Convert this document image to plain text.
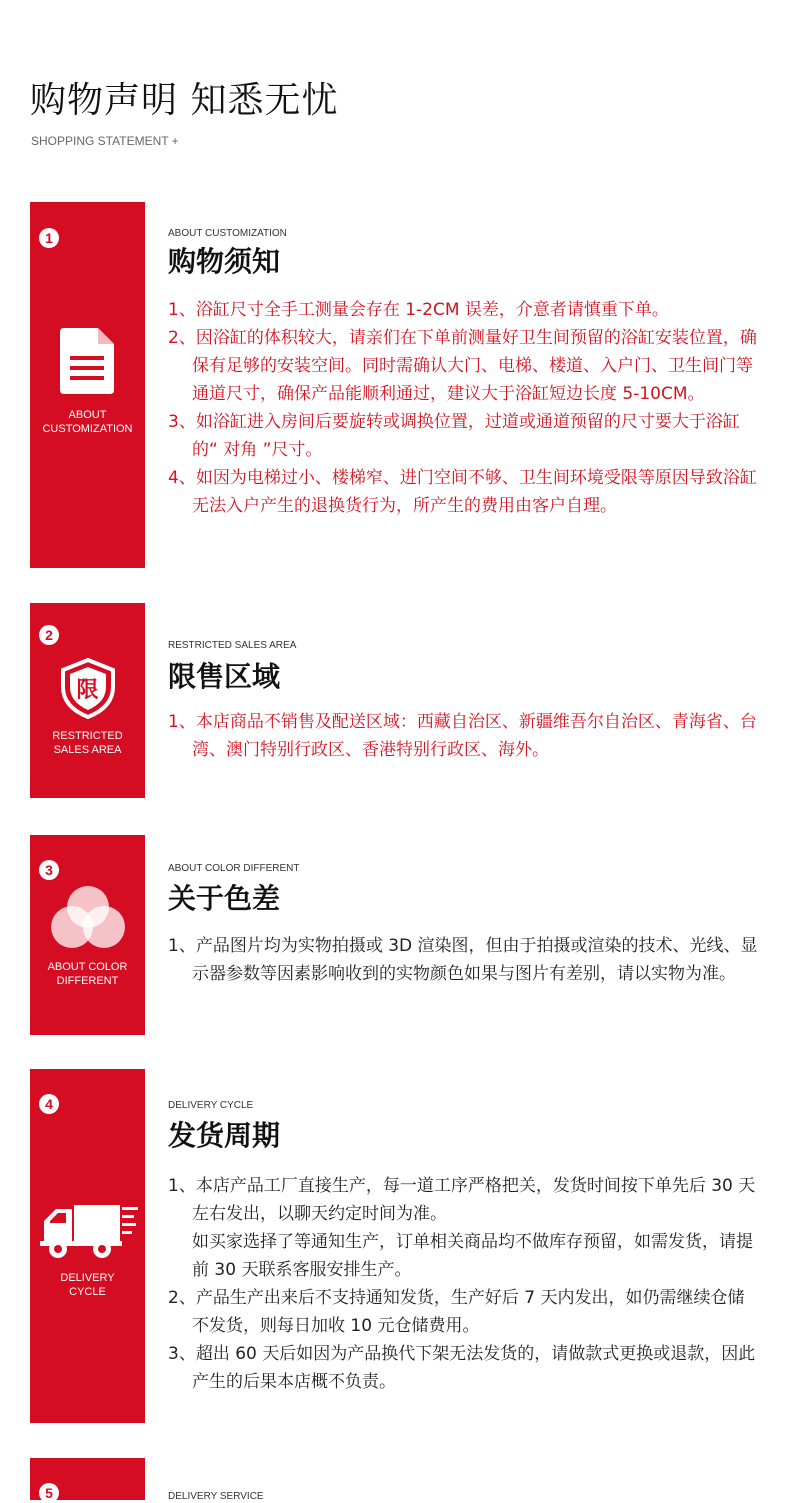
购物声明 知悉无忧
SHOPPING STATEMENT +
1
ABOUT
CUSTOMIZATION
ABOUT CUSTOMIZATION
购物须知
1、浴缸尺寸全手工测量会存在 1-2CM 误差，介意者请慎重下单。
2、因浴缸的体积较大，请亲们在下单前测量好卫生间预留的浴缸安装位置，确保有足够的安装空间。同时需确认大门、电梯、楼道、入户门、卫生间门等通道尺寸，确保产品能顺利通过，建议大于浴缸短边长度 5-10CM。
3、如浴缸进入房间后要旋转或调换位置，过道或通道预留的尺寸要大于浴缸的“ 对角 ”尺寸。
4、如因为电梯过小、楼梯窄、进门空间不够、卫生间环境受限等原因导致浴缸无法入户产生的退换货行为，所产生的费用由客户自理。
2
限
RESTRICTED
SALES AREA
RESTRICTED SALES AREA
限售区域
1、本店商品不销售及配送区域：西藏自治区、新疆维吾尔自治区、青海省、台湾、澳门特别行政区、香港特别行政区、海外。
3
ABOUT COLOR
DIFFERENT
ABOUT COLOR DIFFERENT
关于色差
1、产品图片均为实物拍摄或 3D 渲染图，但由于拍摄或渲染的技术、光线、显示器参数等因素影响收到的实物颜色如果与图片有差别，请以实物为准。
4
DELIVERY
CYCLE
DELIVERY CYCLE
发货周期
1、本店产品工厂直接生产，每一道工序严格把关，发货时间按下单先后 30 天左右发出，以聊天约定时间为准。
如买家选择了等通知生产，订单相关商品均不做库存预留，如需发货，请提前 30 天联系客服安排生产。
2、产品生产出来后不支持通知发货，生产好后 7 天内发出，如仍需继续仓储不发货，则每日加收 10 元仓储费用。
3、超出 60 天后如因为产品换代下架无法发货的，请做款式更换或退款，因此产生的后果本店概不负责。
5	DELIVERY SERVICE
